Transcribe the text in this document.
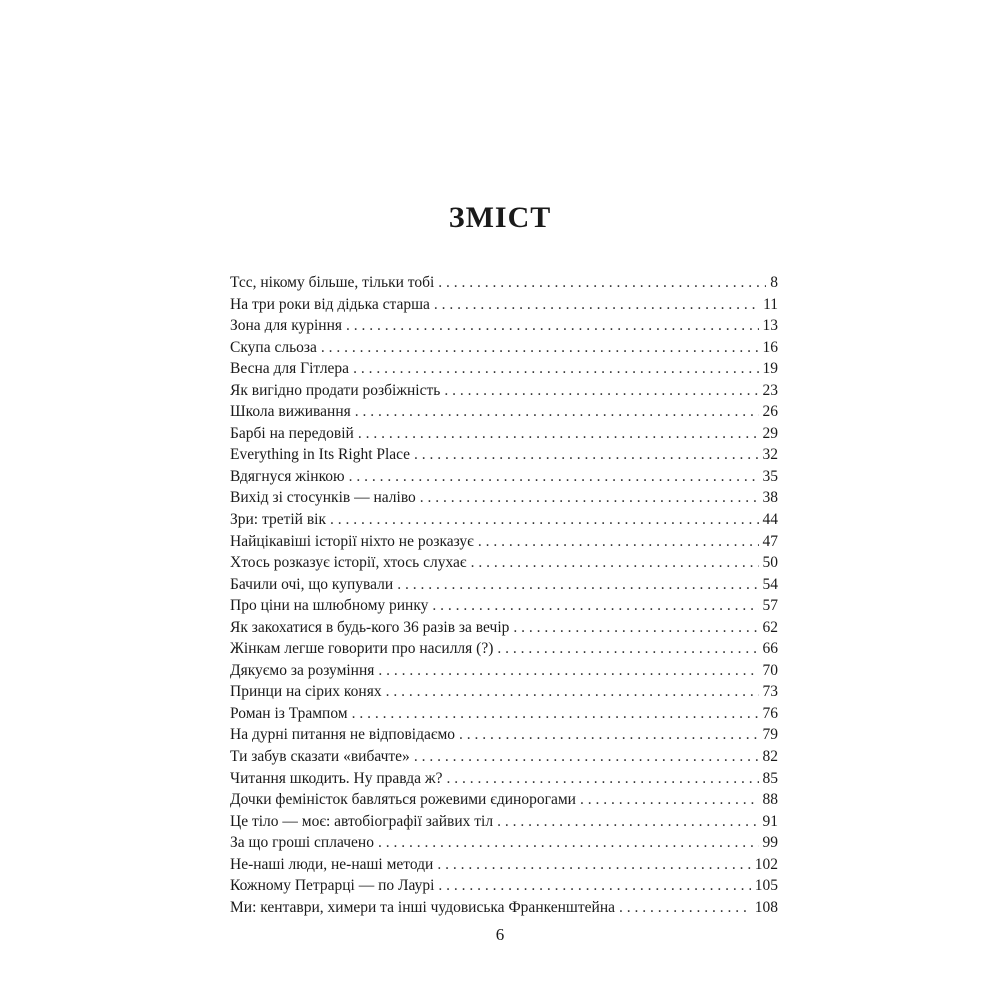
ЗМІСТ
Тсс, нікому більше, тільки тобі . . .	8
На три роки від дідька старша . . .	11
Зона для куріння . . .	13
Скупа сльоза . . .	16
Весна для Гітлера . . .	19
Як вигідно продати розбіжність . . .	23
Школа виживання . . .	26
Барбі на передовій . . .	29
Everything in Its Right Place . . .	32
Вдягнуся жінкою . . .	35
Вихід зі стосунків — наліво . . .	38
Зри: третій вік . . .	44
Найцікавіші історії ніхто не розказує . . .	47
Хтось розказує історії, хтось слухає . . .	50
Бачили очі, що купували . . .	54
Про ціни на шлюбному ринку . . .	57
Як закохатися в будь-кого 36 разів за вечір . . .	62
Жінкам легше говорити про насилля (?) . . .	66
Дякуємо за розуміння . . .	70
Принци на сірих конях . . .	73
Роман із Трампом . . .	76
На дурні питання не відповідаємо . . .	79
Ти забув сказати «вибачте» . . .	82
Читання шкодить. Ну правда ж? . . .	85
Дочки феміністок бавляться рожевими єдинорогами . . .	88
Це тіло — моє: автобіографії зайвих тіл . . .	91
За що гроші сплачено . . .	99
Не-наші люди, не-наші методи . . .	102
Кожному Петрарці — по Лаурі . . .	105
Ми: кентаври, химери та інші чудовиська Франкенштейна . . .	108
6
